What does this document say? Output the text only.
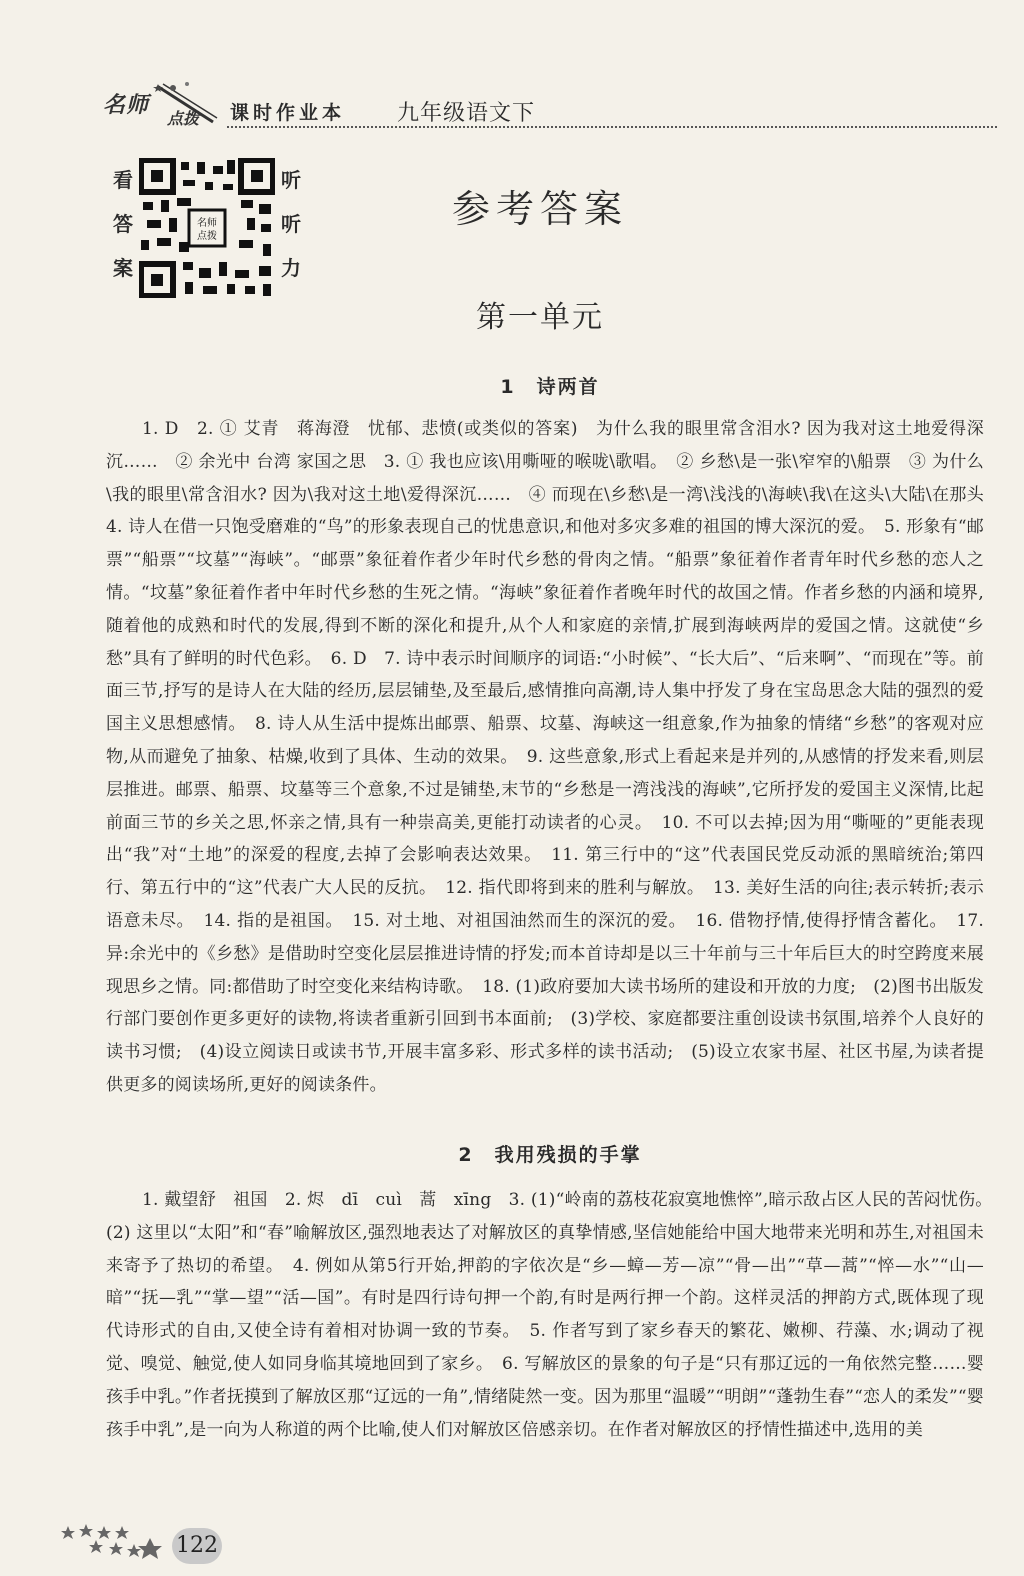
名师
点拨 课时作业本 九年级语文下
看
答
案
名师
点拨
听
听
力
参考答案
第一单元
1　诗两首

1. D　2. ① 艾青　蒋海澄　忧郁、悲愤(或类似的答案)　为什么我的眼里常含泪水? 因为我对这土地爱得深沉……　② 余光中 台湾 家国之思　3. ① 我也应该\用嘶哑的喉咙\歌唱。　② 乡愁\是一张\窄窄的\船票　③ 为什么\我的眼里\常含泪水? 因为\我对这土地\爱得深沉……　④ 而现在\乡愁\是一湾\浅浅的\海峡\我\在这头\大陆\在那头　4. 诗人在借一只饱受磨难的“鸟”的形象表现自己的忧患意识,和他对多灾多难的祖国的博大深沉的爱。　5. 形象有“邮票”“船票”“坟墓”“海峡”。“邮票”象征着作者少年时代乡愁的骨肉之情。“船票”象征着作者青年时代乡愁的恋人之情。“坟墓”象征着作者中年时代乡愁的生死之情。“海峡”象征着作者晚年时代的故国之情。作者乡愁的内涵和境界,随着他的成熟和时代的发展,得到不断的深化和提升,从个人和家庭的亲情,扩展到海峡两岸的爱国之情。这就使“乡愁”具有了鲜明的时代色彩。　6. D　7. 诗中表示时间顺序的词语:“小时候”、“长大后”、“后来啊”、“而现在”等。前面三节,抒写的是诗人在大陆的经历,层层铺垫,及至最后,感情推向高潮,诗人集中抒发了身在宝岛思念大陆的强烈的爱国主义思想感情。　8. 诗人从生活中提炼出邮票、船票、坟墓、海峡这一组意象,作为抽象的情绪“乡愁”的客观对应物,从而避免了抽象、枯燥,收到了具体、生动的效果。　9. 这些意象,形式上看起来是并列的,从感情的抒发来看,则层层推进。邮票、船票、坟墓等三个意象,不过是铺垫,末节的“乡愁是一湾浅浅的海峡”,它所抒发的爱国主义深情,比起前面三节的乡关之思,怀亲之情,具有一种崇高美,更能打动读者的心灵。　10. 不可以去掉;因为用“嘶哑的”更能表现出“我”对“土地”的深爱的程度,去掉了会影响表达效果。　11. 第三行中的“这”代表国民党反动派的黑暗统治;第四行、第五行中的“这”代表广大人民的反抗。　12. 指代即将到来的胜利与解放。　13. 美好生活的向往;表示转折;表示语意未尽。　14. 指的是祖国。　15. 对土地、对祖国油然而生的深沉的爱。　16. 借物抒情,使得抒情含蓄化。　17. 异:余光中的《乡愁》是借助时空变化层层推进诗情的抒发;而本首诗却是以三十年前与三十年后巨大的时空跨度来展现思乡之情。同:都借助了时空变化来结构诗歌。　18. (1)政府要加大读书场所的建设和开放的力度;　(2)图书出版发行部门要创作更多更好的读物,将读者重新引回到书本面前;　(3)学校、家庭都要注重创设读书氛围,培养个人良好的读书习惯;　(4)设立阅读日或读书节,开展丰富多彩、形式多样的读书活动;　(5)设立农家书屋、社区书屋,为读者提供更多的阅读场所,更好的阅读条件。

2　我用残损的手掌

1. 戴望舒　祖国　2. 烬　dī　cuì　蒿　xīng　3. (1)“岭南的荔枝花寂寞地憔悴”,暗示敌占区人民的苦闷忧伤。　(2) 这里以“太阳”和“春”喻解放区,强烈地表达了对解放区的真挚情感,坚信她能给中国大地带来光明和苏生,对祖国未来寄予了热切的希望。　4. 例如从第5行开始,押韵的字依次是“乡—蟑—芳—凉”“骨—出”“草—蒿”“悴—水”“山—暗”“抚—乳”“掌—望”“活—国”。有时是四行诗句押一个韵,有时是两行押一个韵。这样灵活的押韵方式,既体现了现代诗形式的自由,又使全诗有着相对协调一致的节奏。　5. 作者写到了家乡春天的繁花、嫩柳、荇藻、水;调动了视觉、嗅觉、触觉,使人如同身临其境地回到了家乡。　6. 写解放区的景象的句子是“只有那辽远的一角依然完整……婴孩手中乳。”作者抚摸到了解放区那“辽远的一角”,情绪陡然一变。因为那里“温暖”“明朗”“蓬勃生春”“恋人的柔发”“婴孩手中乳”,是一向为人称道的两个比喻,使人们对解放区倍感亲切。在作者对解放区的抒情性描述中,选用的美

122
